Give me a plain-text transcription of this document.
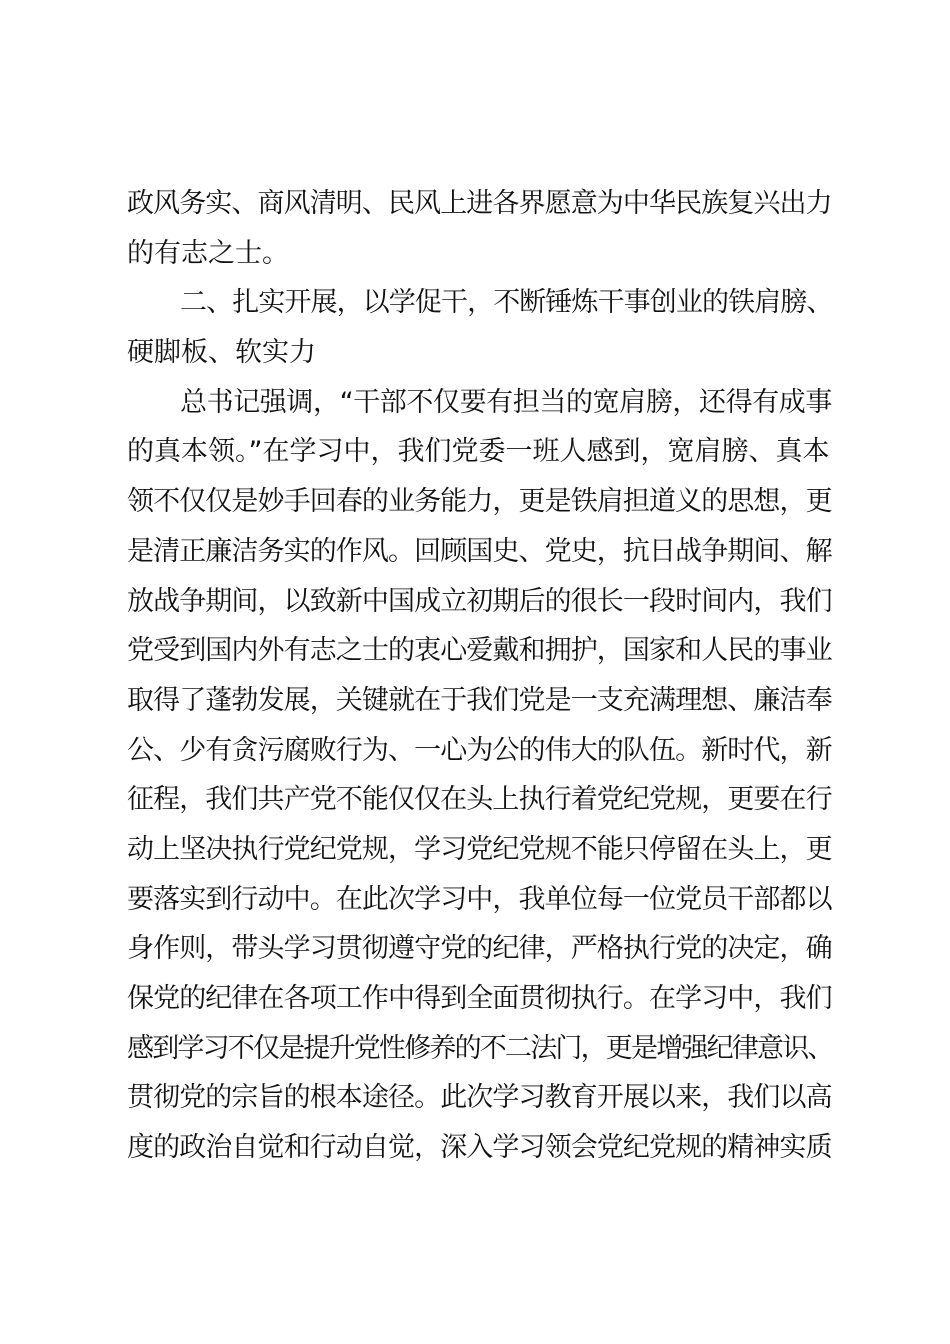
政风务实、商风清明、民风上进各界愿意为中华民族复兴出力
的有志之士。
二、扎实开展，以学促干，不断锤炼干事创业的铁肩膀、
硬脚板、软实力
总书记强调，“干部不仅要有担当的宽肩膀，还得有成事
的真本领。”在学习中，我们党委一班人感到，宽肩膀、真本
领不仅仅是妙手回春的业务能力，更是铁肩担道义的思想，更
是清正廉洁务实的作风。回顾国史、党史，抗日战争期间、解
放战争期间，以致新中国成立初期后的很长一段时间内，我们
党受到国内外有志之士的衷心爱戴和拥护，国家和人民的事业
取得了蓬勃发展，关键就在于我们党是一支充满理想、廉洁奉
公、少有贪污腐败行为、一心为公的伟大的队伍。新时代，新
征程，我们共产党不能仅仅在头上执行着党纪党规，更要在行
动上坚决执行党纪党规，学习党纪党规不能只停留在头上，更
要落实到行动中。在此次学习中，我单位每一位党员干部都以
身作则，带头学习贯彻遵守党的纪律，严格执行党的决定，确
保党的纪律在各项工作中得到全面贯彻执行。在学习中，我们
感到学习不仅是提升党性修养的不二法门，更是增强纪律意识、
贯彻党的宗旨的根本途径。此次学习教育开展以来，我们以高
度的政治自觉和行动自觉，深入学习领会党纪党规的精神实质
